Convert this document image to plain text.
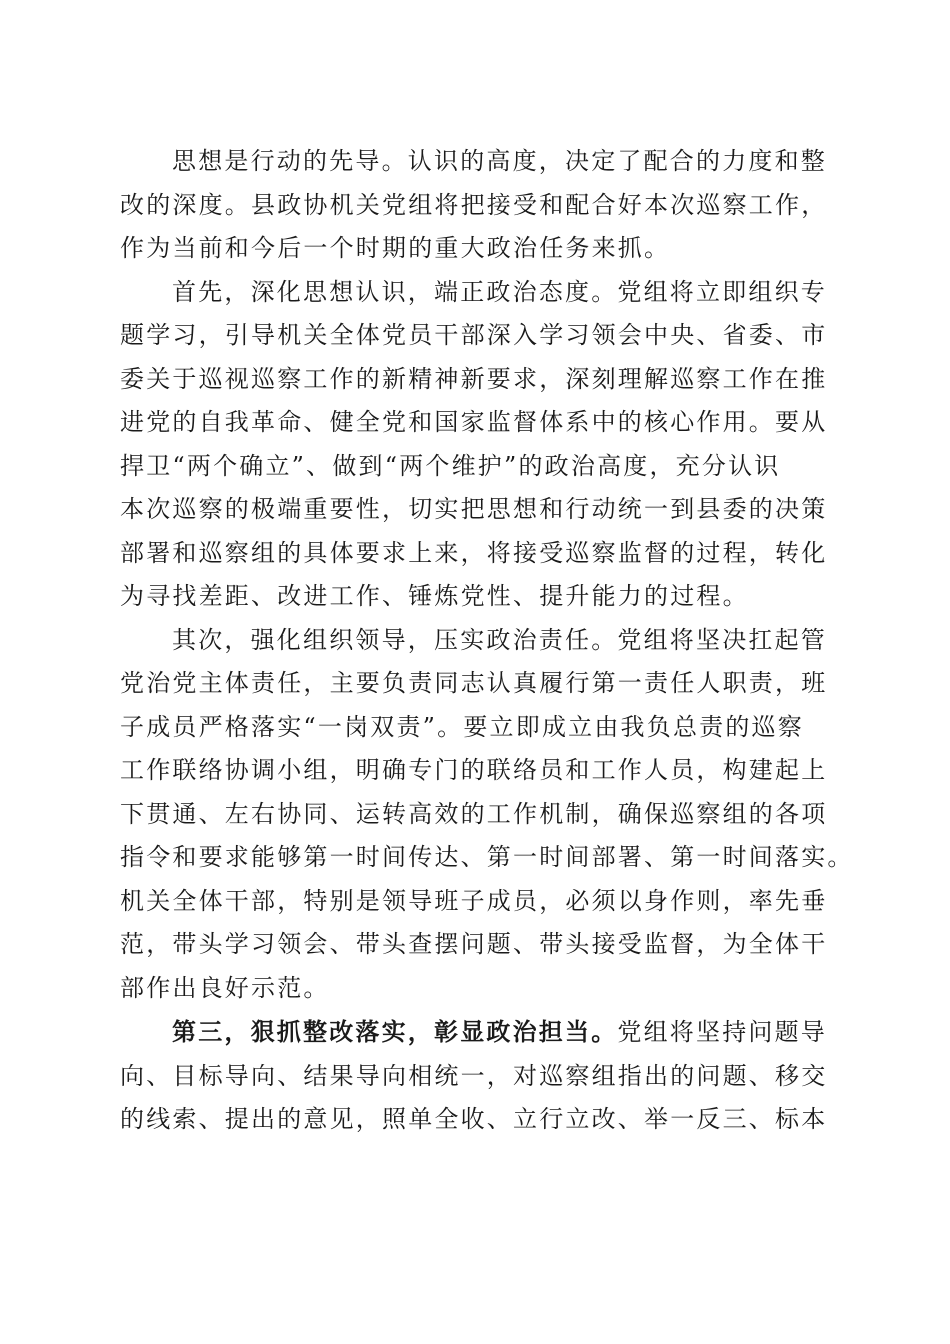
思想是行动的先导。认识的高度，决定了配合的力度和整
改的深度。县政协机关党组将把接受和配合好本次巡察工作，
作为当前和今后一个时期的重大政治任务来抓。
首先，深化思想认识，端正政治态度。党组将立即组织专
题学习，引导机关全体党员干部深入学习领会中央、省委、市
委关于巡视巡察工作的新精神新要求，深刻理解巡察工作在推
进党的自我革命、健全党和国家监督体系中的核心作用。要从
捍卫“两个确立”、做到“两个维护”的政治高度，充分认识
本次巡察的极端重要性，切实把思想和行动统一到县委的决策
部署和巡察组的具体要求上来，将接受巡察监督的过程，转化
为寻找差距、改进工作、锤炼党性、提升能力的过程。
其次，强化组织领导，压实政治责任。党组将坚决扛起管
党治党主体责任，主要负责同志认真履行第一责任人职责，班
子成员严格落实“一岗双责”。要立即成立由我负总责的巡察
工作联络协调小组，明确专门的联络员和工作人员，构建起上
下贯通、左右协同、运转高效的工作机制，确保巡察组的各项
指令和要求能够第一时间传达、第一时间部署、第一时间落实。
机关全体干部，特别是领导班子成员，必须以身作则，率先垂
范，带头学习领会、带头查摆问题、带头接受监督，为全体干
部作出良好示范。
第三，狠抓整改落实，彰显政治担当。党组将坚持问题导
向、目标导向、结果导向相统一，对巡察组指出的问题、移交
的线索、提出的意见，照单全收、立行立改、举一反三、标本
